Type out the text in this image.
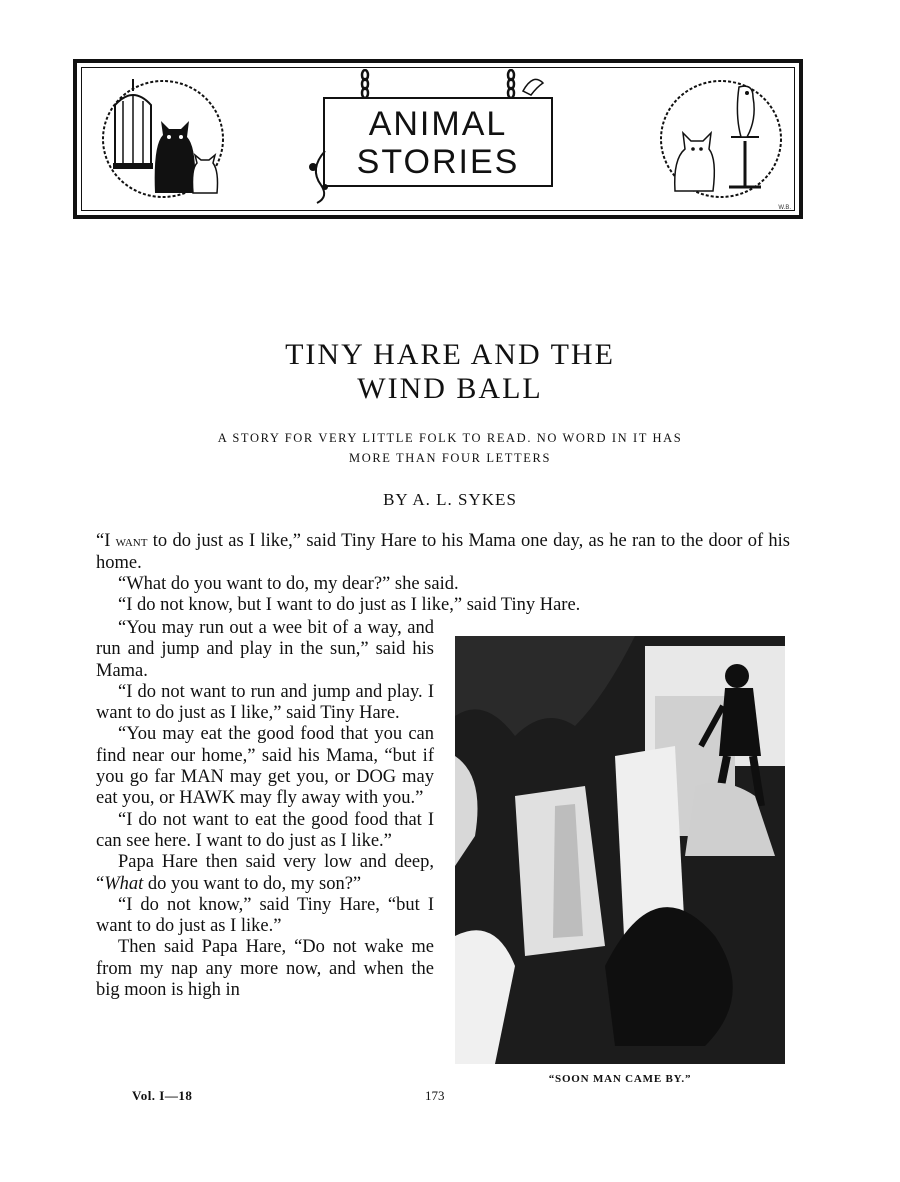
ANIMAL
STORIES
W.B.
TINY HARE AND THE
WIND BALL
A STORY FOR VERY LITTLE FOLK TO READ. NO WORD IN IT HAS
MORE THAN FOUR LETTERS
BY A. L. SYKES

“I want to do just as I like,” said Tiny Hare to his Mama one day, as he ran to the door of his home.

“What do you want to do, my dear?” she said.

“I do not know, but I want to do just as I like,” said Tiny Hare.

“You may run out a wee bit of a way, and run and jump and play in the sun,” said his Mama.

“I do not want to run and jump and play. I want to do just as I like,” said Tiny Hare.

“You may eat the good food that you can find near our home,” said his Mama, “but if you go far MAN may get you, or DOG may eat you, or HAWK may fly away with you.”

“I do not want to eat the good food that I can see here. I want to do just as I like.”

Papa Hare then said very low and deep, “What do you want to do, my son?”

“I do not know,” said Tiny Hare, “but I want to do just as I like.”

Then said Papa Hare, “Do not wake me from my nap any more now, and when the big moon is high in

“SOON MAN CAME BY.”
Vol. I—18	173
